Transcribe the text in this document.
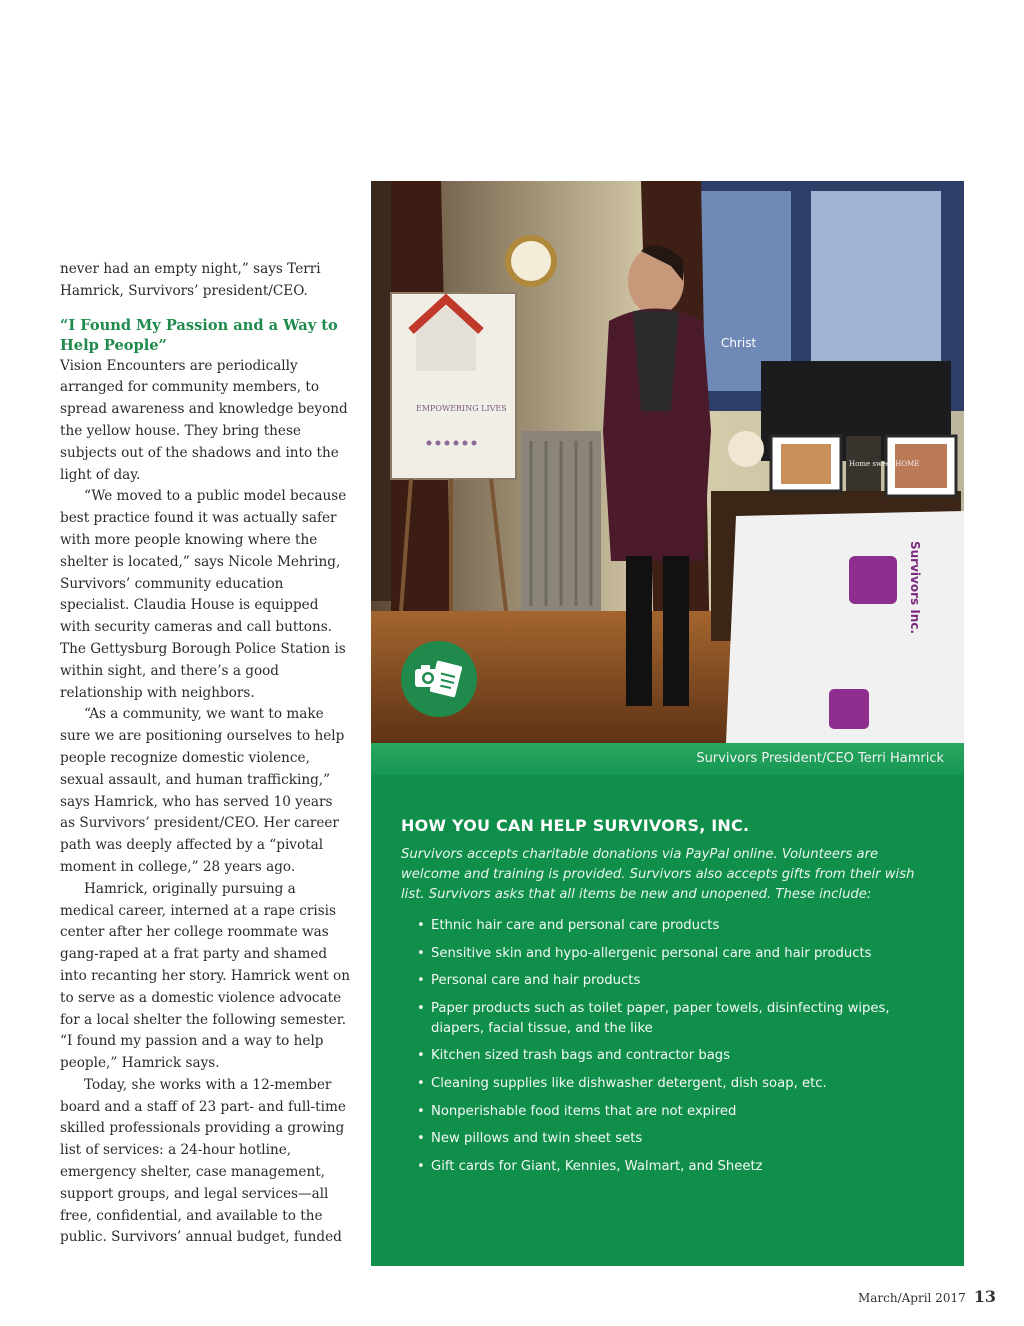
never had an empty night,” says Terri Hamrick, Survivors’ president/CEO.

“I Found My Passion and a Way to Help People”

Vision Encounters are periodically arranged for community members, to spread awareness and knowledge beyond the yellow house. They bring these subjects out of the shadows and into the light of day.

“We moved to a public model because best practice found it was actually safer with more people knowing where the shelter is located,” says Nicole Mehring, Survivors’ community education specialist. Claudia House is equipped with security cameras and call buttons. The Gettysburg Borough Police Station is within sight, and there’s a good relationship with neighbors.

“As a community, we want to make sure we are positioning ourselves to help people recognize domestic violence, sexual assault, and human trafficking,” says Hamrick, who has served 10 years as Survivors’ president/CEO. Her career path was deeply affected by a “pivotal moment in college,” 28 years ago.

Hamrick, originally pursuing a medical career, interned at a rape crisis center after her college roommate was gang-raped at a frat party and shamed into recanting her story. Hamrick went on to serve as a domestic violence advocate for a local shelter the following semester. “I found my passion and a way to help people,” Hamrick says.

Today, she works with a 12-member board and a staff of 23 part- and full-time skilled professionals providing a growing list of services: a 24-hour hotline, emergency shelter, case management, support groups, and legal services—all free, confidential, and available to the public. Survivors’ annual budget, funded

Christ
EMPOWERING LIVES
Home sweet HOME
Survivors Inc.
Survivors President/CEO Terri Hamrick
HOW YOU CAN HELP SURVIVORS, INC.

Survivors accepts charitable donations via PayPal online. Volunteers are welcome and training is provided. Survivors also accepts gifts from their wish list. Survivors asks that all items be new and unopened. These include:

• Ethnic hair care and personal care products
• Sensitive skin and hypo-allergenic personal care and hair products
• Personal care and hair products
• Paper products such as toilet paper, paper towels, disinfecting wipes, diapers, facial tissue, and the like
• Kitchen sized trash bags and contractor bags
• Cleaning supplies like dishwasher detergent, dish soap, etc.
• Nonperishable food items that are not expired
• New pillows and twin sheet sets
• Gift cards for Giant, Kennies, Walmart, and Sheetz
March/April 2017 13
